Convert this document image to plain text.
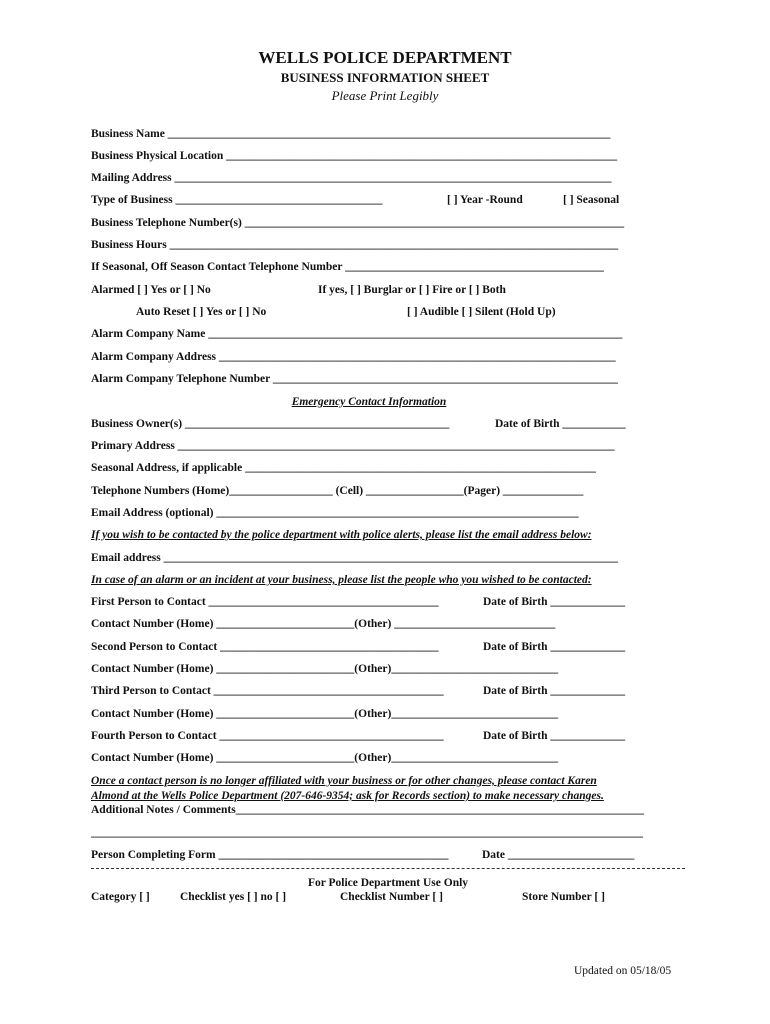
WELLS POLICE DEPARTMENT
BUSINESS INFORMATION SHEET
Please Print Legibly
Business Name _____________________________________________________________________________
Business Physical Location ____________________________________________________________________
Mailing Address ____________________________________________________________________________
Type of Business ____________________________________	[ ] Year -Round	[ ] Seasonal
Business Telephone Number(s) __________________________________________________________________
Business Hours ______________________________________________________________________________
If Seasonal, Off Season Contact Telephone Number _____________________________________________
Alarmed [ ] Yes or [ ] No	If yes, [ ] Burglar or [ ] Fire or [ ] Both
Auto Reset [ ] Yes or [ ] No	[ ] Audible [ ] Silent (Hold Up)
Alarm Company Name ________________________________________________________________________
Alarm Company Address _____________________________________________________________________
Alarm Company Telephone Number ____________________________________________________________
Emergency Contact Information
Business Owner(s) ______________________________________________	Date of Birth ___________
Primary Address ____________________________________________________________________________
Seasonal Address, if applicable _____________________________________________________________
Telephone Numbers (Home)__________________ (Cell) _________________(Pager) ______________
Email Address (optional) _______________________________________________________________
If you wish to be contacted by the police department with police alerts, please list the email address below:
Email address _______________________________________________________________________________
In case of an alarm or an incident at your business, please list the people who you wished to be contacted:
First Person to Contact ________________________________________	Date of Birth _____________
Contact Number (Home) ________________________(Other) ____________________________
Second Person to Contact ______________________________________	Date of Birth _____________
Contact Number (Home) ________________________(Other)_____________________________
Third Person to Contact ________________________________________	Date of Birth _____________
Contact Number (Home) ________________________(Other)_____________________________
Fourth Person to Contact _______________________________________	Date of Birth _____________
Contact Number (Home) ________________________(Other)_____________________________
Once a contact person is no longer affiliated with your business or for other changes, please contact Karen
Almond at the Wells Police Department (207-646-9354; ask for Records section) to make necessary changes.
Additional Notes / Comments_______________________________________________________________________
________________________________________________________________________________________________
Person Completing Form ________________________________________	Date ______________________
For Police Department Use Only
Category [ ]	Checklist yes [ ] no [ ]	Checklist Number [ ]	Store Number [ ]
Updated on 05/18/05
